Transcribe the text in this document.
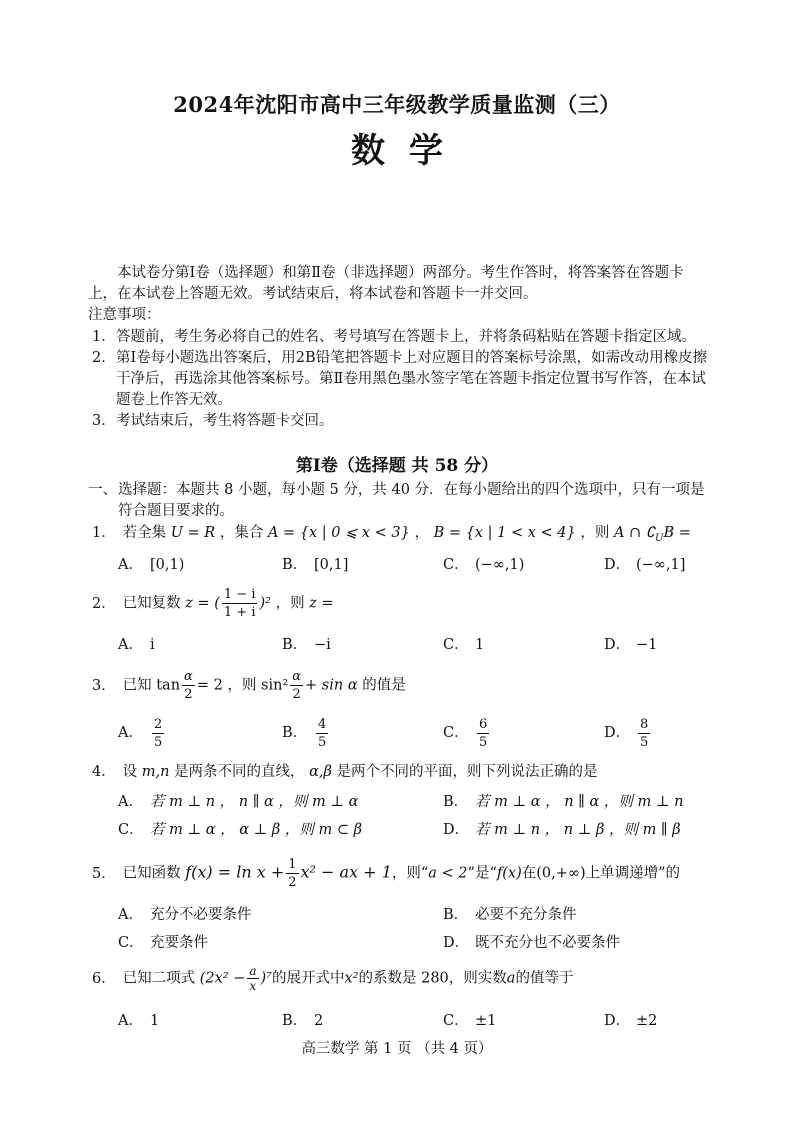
2024年沈阳市高中三年级教学质量监测（三）
数学

本试卷分第Ⅰ卷（选择题）和第Ⅱ卷（非选择题）两部分。考生作答时，将答案答在答题卡上，在本试卷上答题无效。考试结束后，将本试卷和答题卡一并交回。

注意事项：
1． 答题前，考生务必将自己的姓名、考号填写在答题卡上，并将条码粘贴在答题卡指定区域。
2． 第Ⅰ卷每小题选出答案后，用2B铅笔把答题卡上对应题目的答案标号涂黑，如需改动用橡皮擦干净后，再选涂其他答案标号。第Ⅱ卷用黑色墨水签字笔在答题卡指定位置书写作答，在本试题卷上作答无效。
3． 考试结束后，考生将答题卡交回。
第Ⅰ卷（选择题 共 58 分）
一、 选择题：本题共 8 小题，每小题 5 分，共 40 分．在每小题给出的四个选项中，只有一项是符合题目要求的。
1． 若全集 U = R ，集合 A = {x | 0 ⩽ x < 3} ， B = {x | 1 < x < 4} ，则 A ∩ $∁_UB$ =
A． [0,1)	B． [0,1]	C． (−∞,1)	D． (−∞,1]
2． 已知复数 z = ( $\frac{1 - i}{1 + i} )^2$ ，则 z =
A． i	B． −i	C． 1	D． −1
3． 已知 $\tan \frac{\alpha}{2} = 2$ ，则 $\sin^2 \frac{\alpha}{2} + \sin \alpha$ 的值是
A． $\frac{2}{5}$	B． $\frac{4}{5}$	C． $\frac{6}{5}$	D． $\frac{8}{5}$
4． 设 m,n 是两条不同的直线， α,β 是两个不同的平面，则下列说法正确的是
A． 若 m ⊥ n ， n ∥ α ，则 m ⊥ α	B． 若 m ⊥ α ， n ∥ α ，则 m ⊥ n
C． 若 m ⊥ α ， α ⊥ β ，则 m ⊂ β	D． 若 m ⊥ n ， n ⊥ β ，则 m ∥ β
5． 已知函数 $f(x) = \ln x + \frac{1}{2} x^2$ − ax + 1，则“a < 2”是“f(x)在(0,+∞)上单调递增”的
A． 充分不必要条件	B． 必要不充分条件
C． 充要条件	D． 既不充分也不必要条件
6． 已知二项式 $(2x^2 - \frac{a}{x} )^7$的展开式中x²的系数是 280，则实数a的值等于
A． 1	B． 2	C． ±1	D． ±2
高三数学 第 1 页 （共 4 页）
